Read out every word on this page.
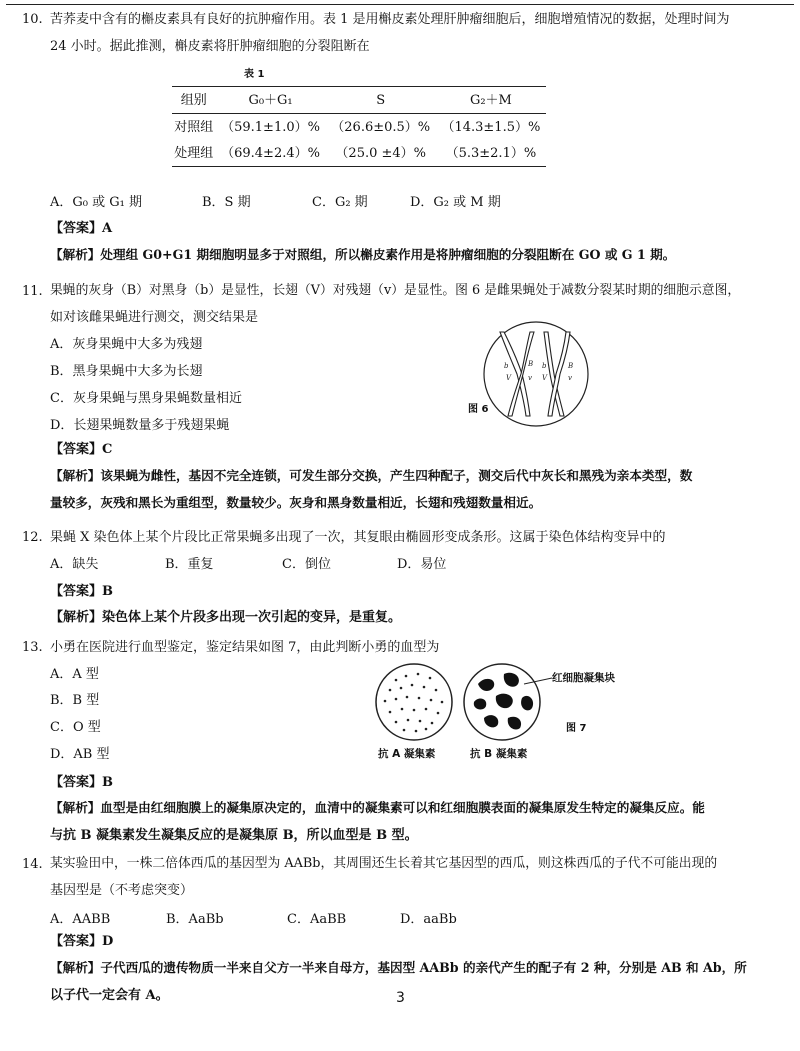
10. 苦荞麦中含有的槲皮素具有良好的抗肿瘤作用。表 1 是用槲皮素处理肝肿瘤细胞后，细胞增殖情况的数据，处理时间为
24 小时。据此推测，槲皮素将肝肿瘤细胞的分裂阻断在
表 1
组别	G₀＋G₁	S	G₂＋M
对照组	（59.1±1.0）%	（26.6±0.5）%	（14.3±1.5）%
处理组	（69.4±2.4）%	（25.0 ±4）%	（5.3±2.1）%
A．G₀ 或 G₁ 期	B．S 期	C．G₂ 期	D．G₂ 或 M 期
【答案】A
【解析】处理组 G0+G1 期细胞明显多于对照组，所以槲皮素作用是将肿瘤细胞的分裂阻断在 GO 或 G 1 期。
11. 果蝇的灰身（B）对黑身（b）是显性，长翅（V）对残翅（v）是显性。图 6 是雌果蝇处于减数分裂某时期的细胞示意图，
如对该雌果蝇进行测交，测交结果是
A．灰身果蝇中大多为残翅
B．黑身果蝇中大多为长翅
C．灰身果蝇与黑身果蝇数量相近
D．长翅果蝇数量多于残翅果蝇
b
V
B
v
b
V
B
v
图 6
【答案】C
【解析】该果蝇为雌性，基因不完全连锁，可发生部分交换，产生四种配子，测交后代中灰长和黑残为亲本类型，数
量较多，灰残和黑长为重组型，数量较少。灰身和黑身数量相近，长翅和残翅数量相近。
12. 果蝇 X 染色体上某个片段比正常果蝇多出现了一次，其复眼由椭圆形变成条形。这属于染色体结构变异中的
A．缺失	B．重复	C．倒位	D．易位
【答案】B
【解析】染色体上某个片段多出现一次引起的变异，是重复。
13. 小勇在医院进行血型鉴定，鉴定结果如图 7，由此判断小勇的血型为
A．A 型
B．B 型
C．O 型
D．AB 型
红细胞凝集块
图 7
抗 A 凝集素	抗 B 凝集素
【答案】B
【解析】血型是由红细胞膜上的凝集原决定的，血清中的凝集素可以和红细胞膜表面的凝集原发生特定的凝集反应。能
与抗 B 凝集素发生凝集反应的是凝集原 B，所以血型是 B 型。
14. 某实验田中，一株二倍体西瓜的基因型为 AABb，其周围还生长着其它基因型的西瓜，则这株西瓜的子代不可能出现的
基因型是（不考虑突变）
A．AABB	B．AaBb	C．AaBB	D．aaBb
【答案】D
【解析】子代西瓜的遗传物质一半来自父方一半来自母方，基因型 AABb 的亲代产生的配子有 2 种，分别是 AB 和 Ab，所
以子代一定会有 A。	3
